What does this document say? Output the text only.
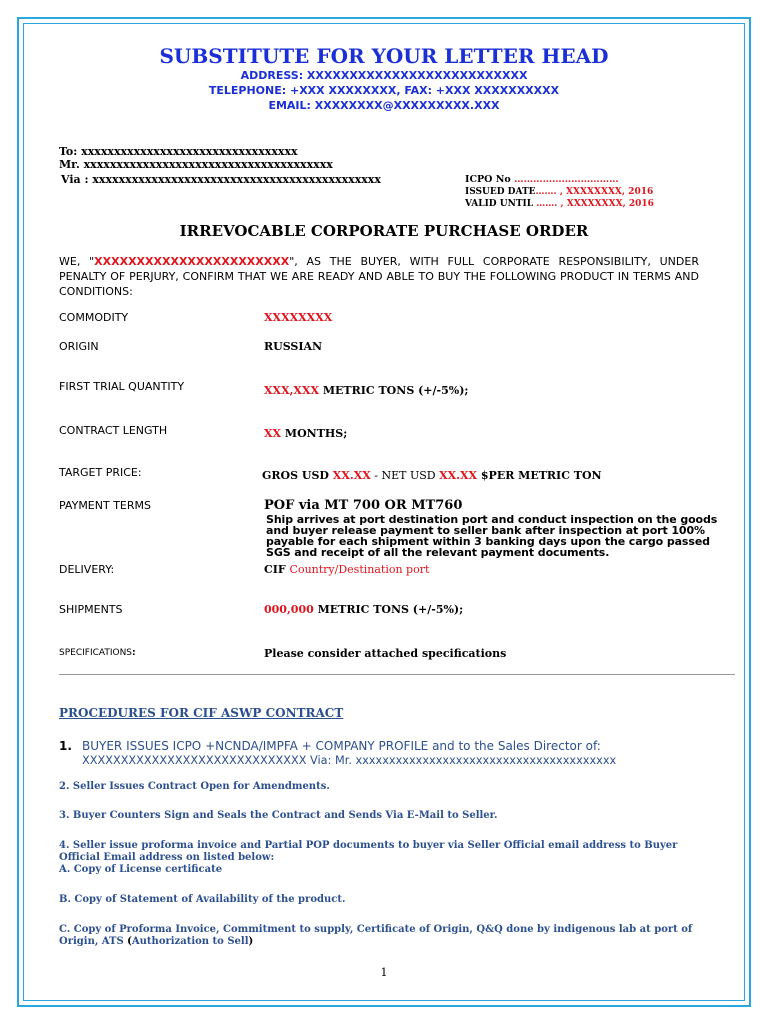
SUBSTITUTE FOR YOUR LETTER HEAD
ADDRESS: XXXXXXXXXXXXXXXXXXXXXXXXXX
TELEPHONE: +XXX XXXXXXXX, FAX: +XXX XXXXXXXXXX
EMAIL: XXXXXXXX@XXXXXXXXX.XXX
To: xxxxxxxxxxxxxxxxxxxxxxxxxxxxxxxxx
Mr. xxxxxxxxxxxxxxxxxxxxxxxxxxxxxxxxxxxxxx
Via : xxxxxxxxxxxxxxxxxxxxxxxxxxxxxxxxxxxxxxxxxxxx	ICPO No ……………………………
ISSUED DATE……. , XXXXXXXX, 2016
VALID UNTIL ……. , XXXXXXXX, 2016
IRREVOCABLE CORPORATE PURCHASE ORDER
WE, "XXXXXXXXXXXXXXXXXXXXXXX", AS THE BUYER, WITH FULL CORPORATE RESPONSIBILITY, UNDER PENALTY OF PERJURY, CONFIRM THAT WE ARE READY AND ABLE TO BUY THE FOLLOWING PRODUCT IN TERMS AND CONDITIONS:
COMMODITY	XXXXXXXX
ORIGIN	RUSSIAN
FIRST TRIAL QUANTITY	XXX,XXX METRIC TONS (+/-5%);
CONTRACT LENGTH	XX MONTHS;
TARGET PRICE:	GROS USD XX.XX - NET USD XX.XX $PER METRIC TON
PAYMENT TERMS	POF via MT 700 OR MT760
Ship arrives at port destination port and conduct inspection on the goods and buyer release payment to seller bank after inspection at port 100% payable for each shipment within 3 banking days upon the cargo passed SGS and receipt of all the relevant payment documents.
DELIVERY:	CIF Country/Destination port
SHIPMENTS	000,000 METRIC TONS (+/-5%);
SPECIFICATIONS:	Please consider attached specifications
PROCEDURES FOR CIF ASWP CONTRACT
1. BUYER ISSUES ICPO +NCNDA/IMPFA + COMPANY PROFILE and to the Sales Director of:
XXXXXXXXXXXXXXXXXXXXXXXXXXXXX Via: Mr. xxxxxxxxxxxxxxxxxxxxxxxxxxxxxxxxxxxxxxx
2. Seller Issues Contract Open for Amendments.
3. Buyer Counters Sign and Seals the Contract and Sends Via E-Mail to Seller.
4. Seller issue proforma invoice and Partial POP documents to buyer via Seller Official email address to Buyer Official Email address on listed below:
A. Copy of License certificate
B. Copy of Statement of Availability of the product.
C. Copy of Proforma Invoice, Commitment to supply, Certificate of Origin, Q&Q done by indigenous lab at port of Origin, ATS (Authorization to Sell)
1
